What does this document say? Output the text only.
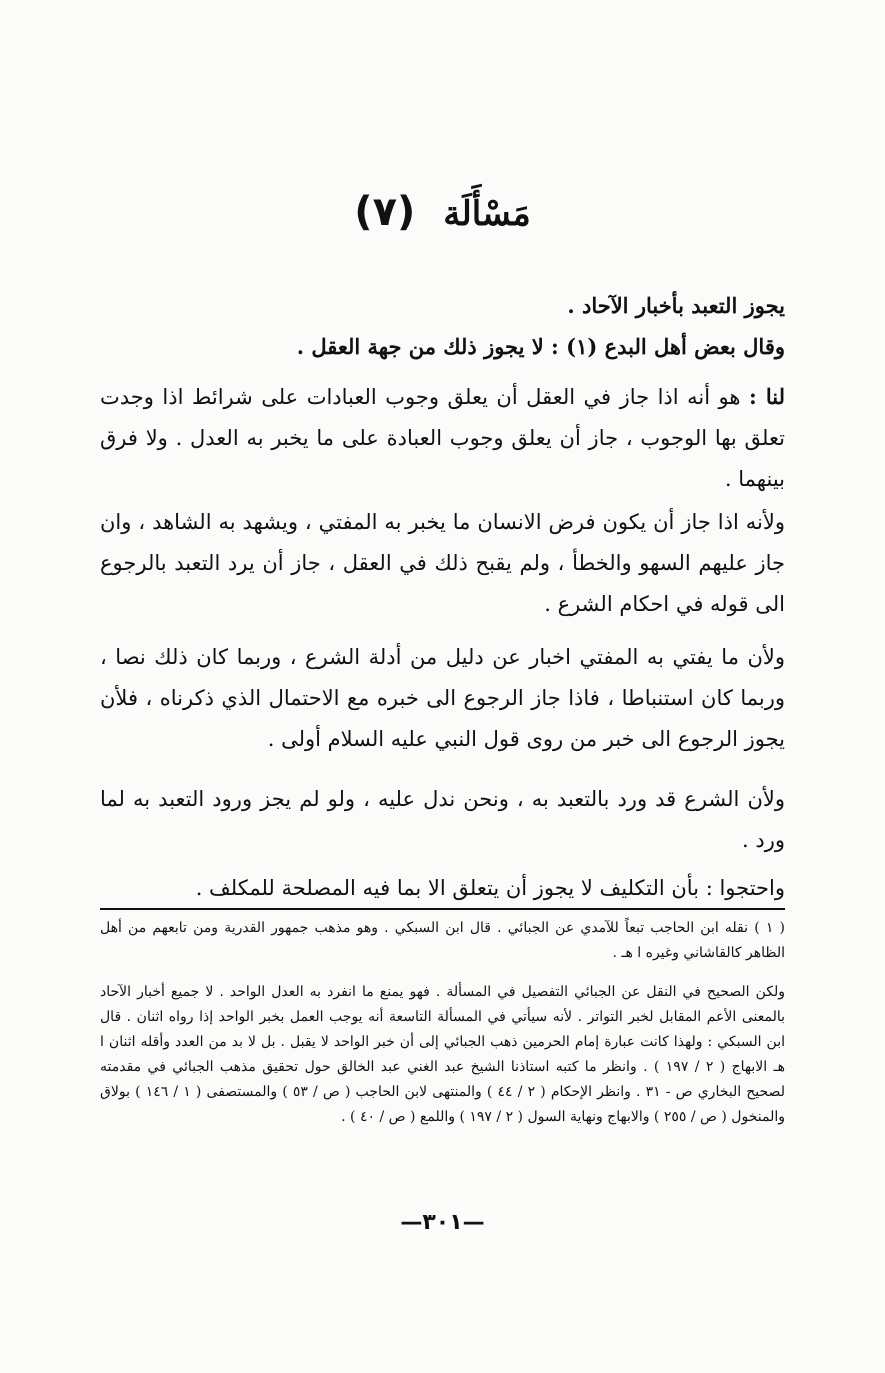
مَسْأَلَة (٧)
يجوز التعبد بأخبار الآحاد .
وقال بعض أهل البدع (١) : لا يجوز ذلك من جهة العقل .
لنا : هو أنه اذا جاز في العقل أن يعلق وجوب العبادات على شرائط اذا وجدت تعلق بها الوجوب ، جاز أن يعلق وجوب العبادة على ما يخبر به العدل . ولا فرق بينهما .
ولأنه اذا جاز أن يكون فرض الانسان ما يخبر به المفتي ، ويشهد به الشاهد ، وان جاز عليهم السهو والخطأ ، ولم يقبح ذلك في العقل ، جاز أن يرد التعبد بالرجوع الى قوله في احكام الشرع .
ولأن ما يفتي به المفتي اخبار عن دليل من أدلة الشرع ، وربما كان ذلك نصا ، وربما كان استنباطا ، فاذا جاز الرجوع الى خبره مع الاحتمال الذي ذكرناه ، فلأن يجوز الرجوع الى خبر من روى قول النبي عليه السلام أولى .
ولأن الشرع قد ورد بالتعبد به ، ونحن ندل عليه ، ولو لم يجز ورود التعبد به لما ورد .
واحتجوا : بأن التكليف لا يجوز أن يتعلق الا بما فيه المصلحة للمكلف .
( ١ ) نقله ابن الحاجب تبعاً للآمدي عن الجبائي . قال ابن السبكي . وهو مذهب جمهور القدرية ومن تابعهم من أهل الظاهر كالقاشاني وغيره ا هـ .
ولكن الصحيح في النقل عن الجبائي التفصيل في المسألة . فهو يمنع ما انفرد به العدل الواحد . لا جميع أخبار الآحاد بالمعنى الأعم المقابل لخبر التواتر . لأنه سيأتي في المسألة التاسعة أنه يوجب العمل بخبر الواحد إذا رواه اثنان . قال ابن السبكي : ولهذا كانت عبارة إمام الحرمين ذهب الجبائي إلى أن خبر الواحد لا يقبل . بل لا بد من العدد وأقله اثنان ا هـ الابهاج ( ٢ / ١٩٧ ) . وانظر ما كتبه استاذنا الشيخ عبد الغني عبد الخالق حول تحقيق مذهب الجبائي في مقدمته لصحيح البخاري ص - ٣١ . وانظر الإحكام ( ٢ / ٤٤ ) والمنتهى لابن الحاجب ( ص / ٥٣ ) والمستصفى ( ١ / ١٤٦ ) بولاق والمنخول ( ص / ٢٥٥ ) والابهاج ونهاية السول ( ٢ / ١٩٧ ) واللمع ( ص / ٤٠ ) .
—٣٠١—
